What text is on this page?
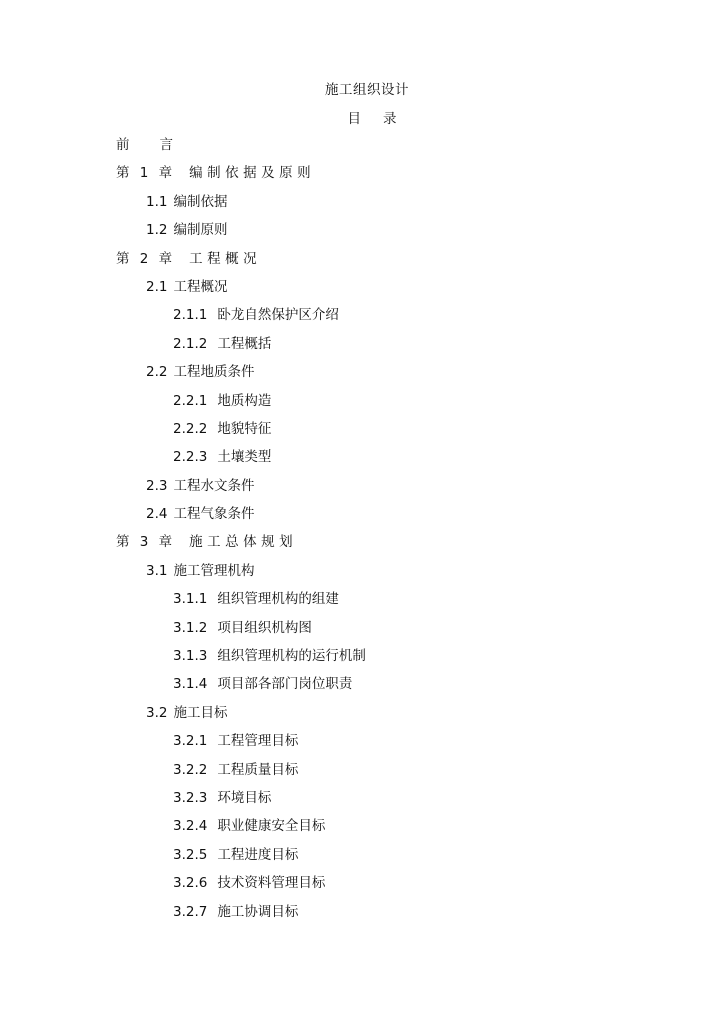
施工组织设计
目 录
前言
第 1 章 编制依据及原则
1.1 编制依据
1.2 编制原则
第 2 章 工程概况
2.1 工程概况
2.1.1 卧龙自然保护区介绍
2.1.2 工程概括
2.2 工程地质条件
2.2.1 地质构造
2.2.2 地貌特征
2.2.3 土壤类型
2.3 工程水文条件
2.4 工程气象条件
第 3 章 施工总体规划
3.1 施工管理机构
3.1.1 组织管理机构的组建
3.1.2 项目组织机构图
3.1.3 组织管理机构的运行机制
3.1.4 项目部各部门岗位职责
3.2 施工目标
3.2.1 工程管理目标
3.2.2 工程质量目标
3.2.3 环境目标
3.2.4 职业健康安全目标
3.2.5 工程进度目标
3.2.6 技术资料管理目标
3.2.7 施工协调目标
